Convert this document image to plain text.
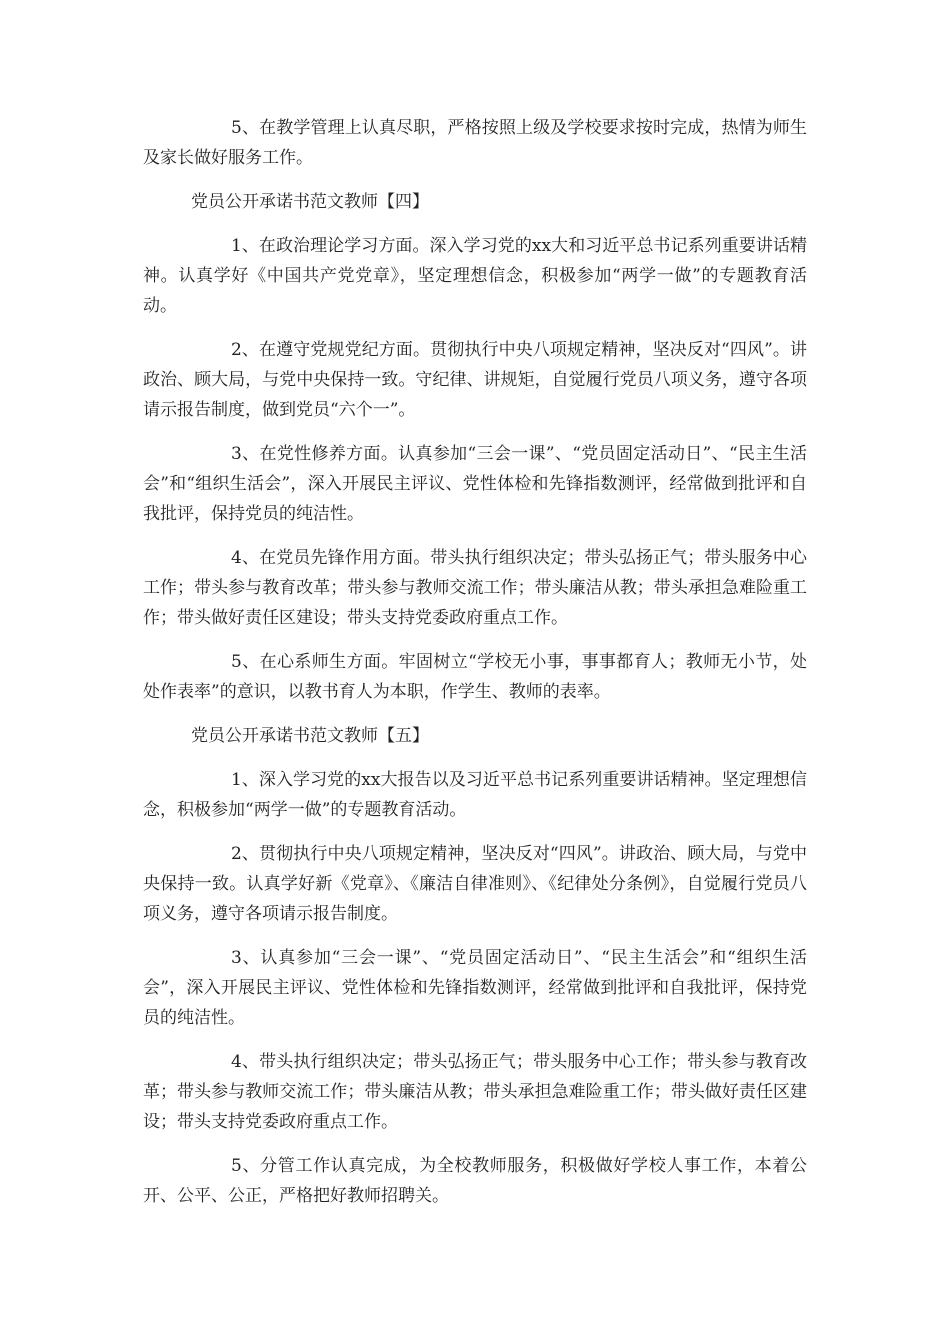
5、在教学管理上认真尽职，严格按照上级及学校要求按时完成，热情为师生及家长做好服务工作。

党员公开承诺书范文教师【四】

1、在政治理论学习方面。深入学习党的xx大和习近平总书记系列重要讲话精神。认真学好《中国共产党党章》，坚定理想信念，积极参加“两学一做”的专题教育活动。

2、在遵守党规党纪方面。贯彻执行中央八项规定精神，坚决反对“四风”。讲政治、顾大局，与党中央保持一致。守纪律、讲规矩，自觉履行党员八项义务，遵守各项请示报告制度，做到党员“六个一”。

3、在党性修养方面。认真参加“三会一课”、“党员固定活动日”、“民主生活会”和“组织生活会”，深入开展民主评议、党性体检和先锋指数测评，经常做到批评和自我批评，保持党员的纯洁性。

4、在党员先锋作用方面。带头执行组织决定；带头弘扬正气；带头服务中心工作；带头参与教育改革；带头参与教师交流工作；带头廉洁从教；带头承担急难险重工作；带头做好责任区建设；带头支持党委政府重点工作。

5、在心系师生方面。牢固树立“学校无小事，事事都育人；教师无小节，处处作表率”的意识，以教书育人为本职，作学生、教师的表率。

党员公开承诺书范文教师【五】

1、深入学习党的xx大报告以及习近平总书记系列重要讲话精神。坚定理想信念，积极参加“两学一做”的专题教育活动。

2、贯彻执行中央八项规定精神，坚决反对“四风”。讲政治、顾大局，与党中央保持一致。认真学好新《党章》、《廉洁自律准则》、《纪律处分条例》，自觉履行党员八项义务，遵守各项请示报告制度。

3、认真参加“三会一课”、“党员固定活动日”、“民主生活会”和“组织生活会”，深入开展民主评议、党性体检和先锋指数测评，经常做到批评和自我批评，保持党员的纯洁性。

4、带头执行组织决定；带头弘扬正气；带头服务中心工作；带头参与教育改革；带头参与教师交流工作；带头廉洁从教；带头承担急难险重工作；带头做好责任区建设；带头支持党委政府重点工作。

5、分管工作认真完成，为全校教师服务，积极做好学校人事工作，本着公开、公平、公正，严格把好教师招聘关。
